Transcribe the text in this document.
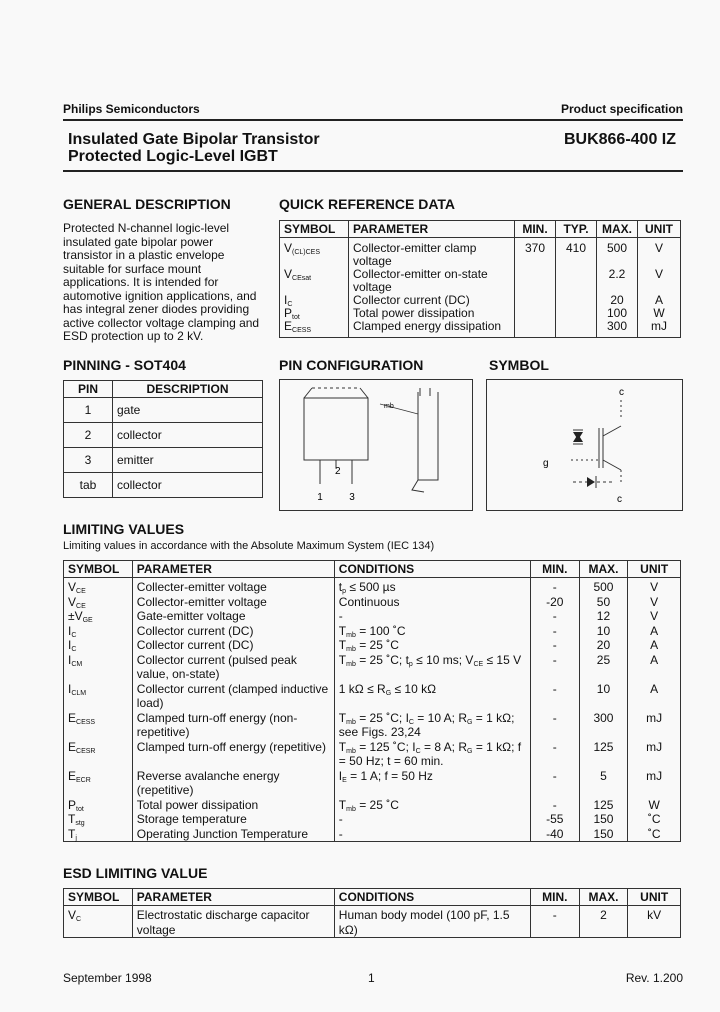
Philips Semiconductors	Product specification
Insulated Gate Bipolar Transistor
Protected Logic-Level IGBT
BUK866-400 IZ
GENERAL DESCRIPTION
Protected N-channel logic-level
insulated gate bipolar power
transistor in a plastic envelope
suitable for surface mount
applications. It is intended for
automotive ignition applications, and
has integral zener diodes providing
active collector voltage clamping and
ESD protection up to 2 kV.
QUICK REFERENCE DATA
SYMBOL	PARAMETER	MIN.	TYP.	MAX.	UNIT
$V_{(CL)CES}$	Collector-emitter clamp voltage	370	410	500	V
$V_{CEsat}$	Collector-emitter on-state voltage			2.2	V
$I_C$	Collector current (DC)			20	A
$P_{tot}$	Total power dissipation			100	W
$E_{CESS}$	Clamped energy dissipation			300	mJ
PINNING - SOT404
PIN	DESCRIPTION
1	gate
2	collector
3	emitter
tab	collector
PIN CONFIGURATION
mb
2
1	3
SYMBOL
c
g
c
LIMITING VALUES
Limiting values in accordance with the Absolute Maximum System (IEC 134)
SYMBOL	PARAMETER	CONDITIONS	MIN.	MAX.	UNIT
$V_{CE}$	Collecter-emitter voltage	$t_p \le 500$ µs	-	500	V
$V_{CE}$	Collector-emitter voltage	Continuous	-20	50	V
$\pm V_{GE}$	Gate-emitter voltage	-	-	12	V
$I_C$	Collector current (DC)	$T_{mb} = 100$ ˚C	-	10	A
$I_C$	Collector current (DC)	$T_{mb} = 25$ ˚C	-	20	A
$I_{CM}$	Collector current (pulsed peak value, on-state)	$T_{mb} = 25$ ˚C; $t_p \le 10$ ms; $V_{CE} \le 15$ V	-	25	A
$I_{CLM}$	Collector current (clamped inductive load)	1 $k\Omega \le R_G \le 10$ kΩ	-	10	A
$E_{CESS}$	Clamped turn-off energy (non-repetitive)	$T_{mb} = 25$ ˚C; $I_C = 10$ A; $R_G = 1$ kΩ; see Figs. 23,24	-	300	mJ
$E_{CESR}$	Clamped turn-off energy (repetitive)	$T_{mb} = 125$ ˚C; $I_C = 8$ A; $R_G = 1$ kΩ; f = 50 Hz; t = 60 min.	-	125	mJ
$E_{ECR}$	Reverse avalanche energy (repetitive)	$I_E = 1$ A; f = 50 Hz	-	5	mJ
$P_{tot}$	Total power dissipation	$T_{mb} = 25$ ˚C	-	125	W
$T_{stg}$	Storage temperature	-	-55	150	˚C
$T_j$	Operating Junction Temperature	-	-40	150	˚C
ESD LIMITING VALUE
SYMBOL	PARAMETER	CONDITIONS	MIN.	MAX.	UNIT
$V_C$	Electrostatic discharge capacitor voltage	Human body model (100 pF, 1.5 kΩ)	-	2	kV
September 1998	1	Rev. 1.200
